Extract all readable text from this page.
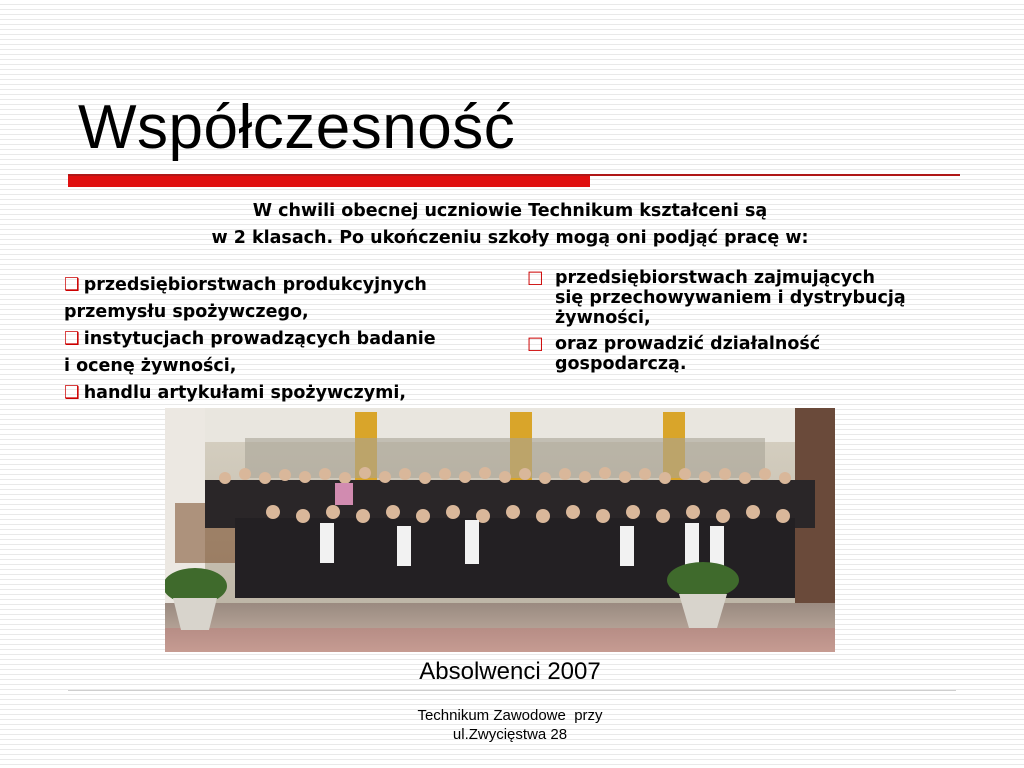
Współczesność
W chwili obecnej uczniowie Technikum kształceni są
w 2 klasach. Po ukończeniu szkoły mogą oni podjąć pracę w:
❑ przedsiębiorstwach produkcyjnych
przemysłu spożywczego,
❑ instytucjach prowadzących badanie
i ocenę żywności,
❑ handlu artykułami spożywczymi,
□ przedsiębiorstwach zajmujących
się przechowywaniem i dystrybucją
żywności,
□ oraz prowadzić działalność
gospodarczą.
Absolwenci 2007
Technikum Zawodowe  przy
ul.Zwycięstwa 28
